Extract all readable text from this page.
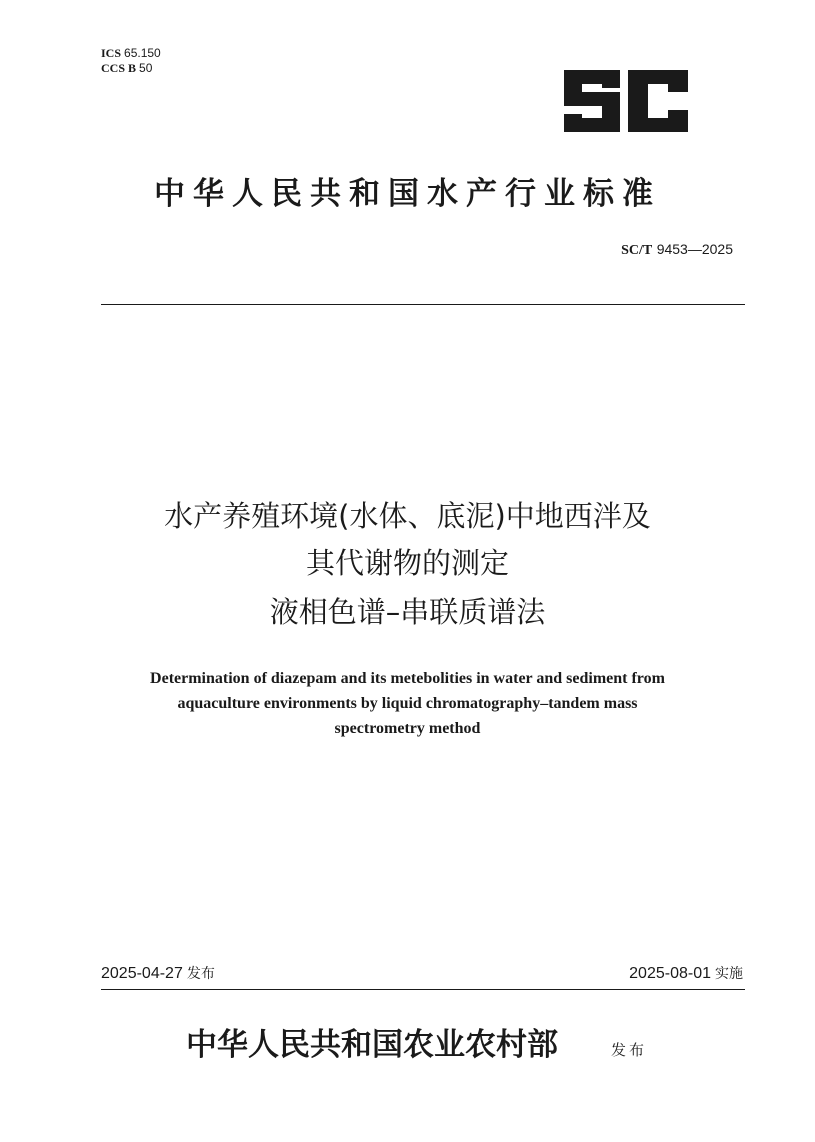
ICS 65.150
CCS B 50
中华人民共和国水产行业标准
SC/T 9453—2025
水产养殖环境(水体、底泥)中地西泮及
其代谢物的测定
液相色谱–串联质谱法
Determination of diazepam and its metebolities in water and sediment from
aquaculture environments by liquid chromatography–tandem mass
spectrometry method
2025-04-27 发布	2025-08-01 实施
中华人民共和国农业农村部	发布
